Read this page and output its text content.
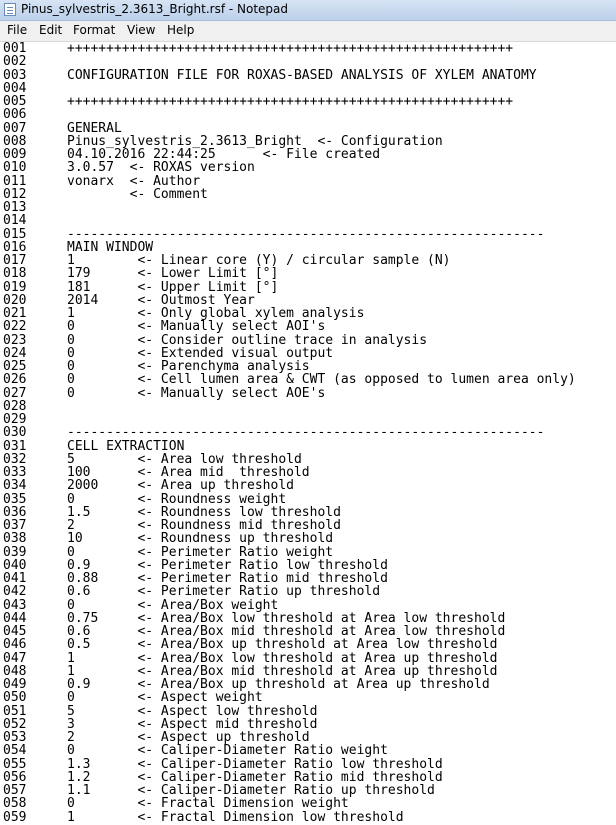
Pinus_sylvestris_2.3613_Bright.rsf - Notepad
File Edit Format View Help
001	+++++++++++++++++++++++++++++++++++++++++++++++++++++++++
002
003	CONFIGURATION FILE FOR ROXAS-BASED ANALYSIS OF XYLEM ANATOMY
004
005	+++++++++++++++++++++++++++++++++++++++++++++++++++++++++
006
007	GENERAL
008	Pinus_sylvestris_2.3613_Bright  <- Configuration
009	04.10.2016 22:44:25      <- File created
010	3.0.57  <- ROXAS version
011	vonarx  <- Author
012	<- Comment
013
014
015	-------------------------------------------------------------
016	MAIN WINDOW
017	1        <- Linear core (Y) / circular sample (N)
018	179      <- Lower Limit [°]
019	181      <- Upper Limit [°]
020	2014     <- Outmost Year
021	1        <- Only global xylem analysis
022	0        <- Manually select AOI's
023	0        <- Consider outline trace in analysis
024	0        <- Extended visual output
025	0        <- Parenchyma analysis
026	0        <- Cell lumen area & CWT (as opposed to lumen area only)
027	0        <- Manually select AOE's
028
029
030	-------------------------------------------------------------
031	CELL EXTRACTION
032	5        <- Area low threshold
033	100      <- Area mid  threshold
034	2000     <- Area up threshold
035	0        <- Roundness weight
036	1.5      <- Roundness low threshold
037	2        <- Roundness mid threshold
038	10       <- Roundness up threshold
039	0        <- Perimeter Ratio weight
040	0.9      <- Perimeter Ratio low threshold
041	0.88     <- Perimeter Ratio mid threshold
042	0.6      <- Perimeter Ratio up threshold
043	0        <- Area/Box weight
044	0.75     <- Area/Box low threshold at Area low threshold
045	0.6      <- Area/Box mid threshold at Area low threshold
046	0.5      <- Area/Box up threshold at Area low threshold
047	1        <- Area/Box low threshold at Area up threshold
048	1        <- Area/Box mid threshold at Area up threshold
049	0.9      <- Area/Box up threshold at Area up threshold
050	0        <- Aspect weight
051	5        <- Aspect low threshold
052	3        <- Aspect mid threshold
053	2        <- Aspect up threshold
054	0        <- Caliper-Diameter Ratio weight
055	1.3      <- Caliper-Diameter Ratio low threshold
056	1.2      <- Caliper-Diameter Ratio mid threshold
057	1.1      <- Caliper-Diameter Ratio up threshold
058	0        <- Fractal Dimension weight
059	1        <- Fractal Dimension low threshold
